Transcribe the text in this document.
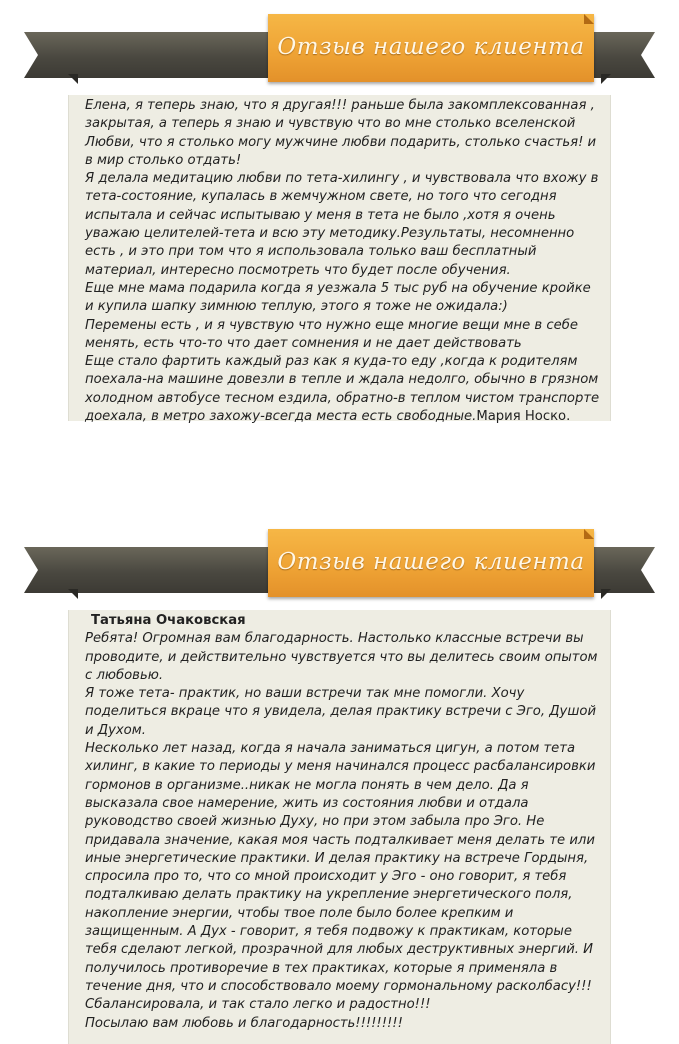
Отзыв нашего клиента

Елена, я теперь знаю, что я другая!!! раньше была закомплексованная , закрытая, а теперь я знаю и чувствую что во мне столько вселенской Любви, что я столько могу мужчине любви подарить, столько счастья! и в мир столько отдать!

Я делала медитацию любви по тета-хилингу , и чувствовала что вхожу в тета-состояние, купалась в жемчужном свете, но того что сегодня испытала и сейчас испытываю у меня в тета не было ,хотя я очень уважаю целителей-тета и всю эту методику.Результаты, несомненно есть , и это при том что я использовала только ваш бесплатный материал, интересно посмотреть что будет после обучения.

Еще мне мама подарила когда я уезжала 5 тыс руб на обучение кройке и купила шапку зимнюю теплую, этого я тоже не ожидала:)

Перемены есть , и я чувствую что нужно еще многие вещи мне в себе менять, есть что-то что дает сомнения и не дает действовать

Еще стало фартить каждый раз как я куда-то еду ,когда к родителям поехала-на машине довезли в тепле и ждала недолго, обычно в грязном холодном автобусе тесном ездила, обратно-в теплом чистом транспорте доехала, в метро захожу-всегда места есть свободные.Мария Носко.

Отзыв нашего клиента
Татьяна Очаковская

Ребята! Огромная вам благодарность. Настолько классные встречи вы проводите, и действительно чувствуется что вы делитесь своим опытом с любовью.

Я тоже тета- практик, но ваши встречи так мне помогли. Хочу поделиться вкраце что я увидела, делая практику встречи с Эго, Душой и Духом.

Несколько лет назад, когда я начала заниматься цигун, а потом тета хилинг, в какие то периоды у меня начинался процесс расбалансировки гормонов в организме..никак не могла понять в чем дело. Да я высказала свое намерение, жить из состояния любви и отдала руководство своей жизнью Духу, но при этом забыла про Эго. Не придавала значение, какая моя часть подталкивает меня делать те или иные энергетические практики. И делая практику на встрече Гордыня, спросила про то, что со мной происходит у Эго - оно говорит, я тебя подталкиваю делать практику на укрепление энергетического поля, накопление энергии, чтобы твое поле было более крепким и защищенным. А Дух - говорит, я тебя подвожу к практикам, которые тебя сделают легкой, прозрачной для любых деструктивных энергий. И получилось противоречие в тех практиках, которые я применяла в течение дня, что и способствовало моему гормональному расколбасу!!!

Сбалансировала, и так стало легко и радостно!!!

Посылаю вам любовь и благодарность!!!!!!!!!
